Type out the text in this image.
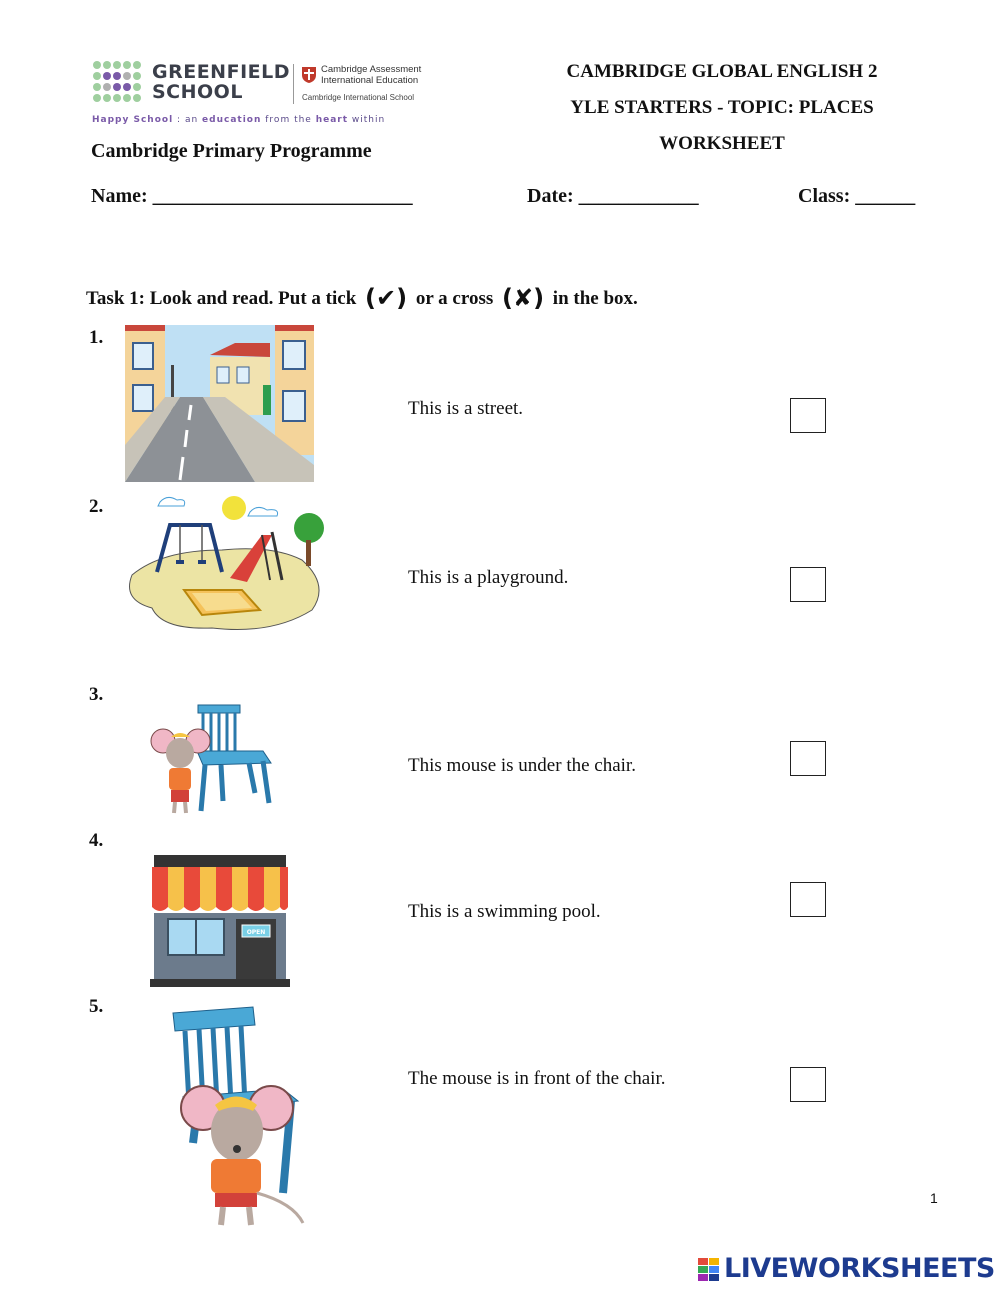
GREENFIELD
SCHOOL
Cambridge Assessment
International Education
Cambridge International School
Happy School : an education from the heart within
Cambridge Primary Programme
CAMBRIDGE GLOBAL ENGLISH 2
YLE STARTERS - TOPIC: PLACES
WORKSHEET
Name: __________________________	Date: ____________	Class: ______
Task 1: Look and read. Put a tick (✔) or a cross (✘) in the box.
1.
This is a street.
2.
This is a playground.
3.
This mouse is under the chair.
4.
OPEN
This is a swimming pool.
5.
The mouse is in front of the chair.
1
LIVEWORKSHEETS
